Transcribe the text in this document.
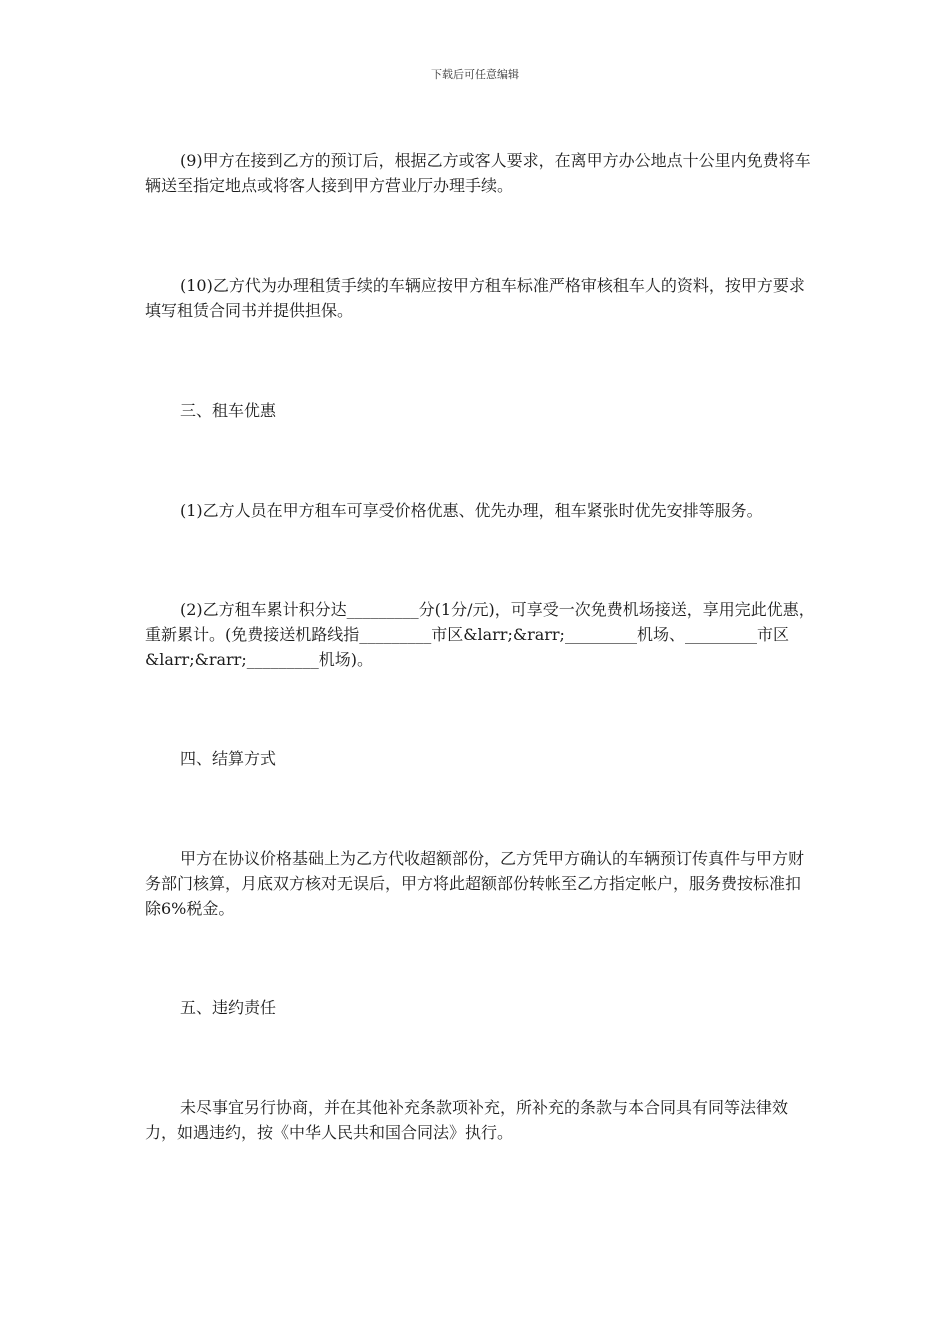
下载后可任意编辑

(9)甲方在接到乙方的预订后，根据乙方或客人要求，在离甲方办公地点十公里内免费将车辆送至指定地点或将客人接到甲方营业厅办理手续。

(10)乙方代为办理租赁手续的车辆应按甲方租车标准严格审核租车人的资料，按甲方要求填写租赁合同书并提供担保。

三、租车优惠

(1)乙方人员在甲方租车可享受价格优惠、优先办理，租车紧张时优先安排等服务。

(2)乙方租车累计积分达_________分(1分/元)，可享受一次免费机场接送，享用完此优惠，重新累计。(免费接送机路线指_________市区&larr;&rarr;_________机场、_________市区&larr;&rarr;_________机场)。

四、结算方式

甲方在协议价格基础上为乙方代收超额部份，乙方凭甲方确认的车辆预订传真件与甲方财务部门核算，月底双方核对无误后，甲方将此超额部份转帐至乙方指定帐户，服务费按标准扣除6%税金。

五、违约责任

未尽事宜另行协商，并在其他补充条款项补充，所补充的条款与本合同具有同等法律效力，如遇违约，按《中华人民共和国合同法》执行。
